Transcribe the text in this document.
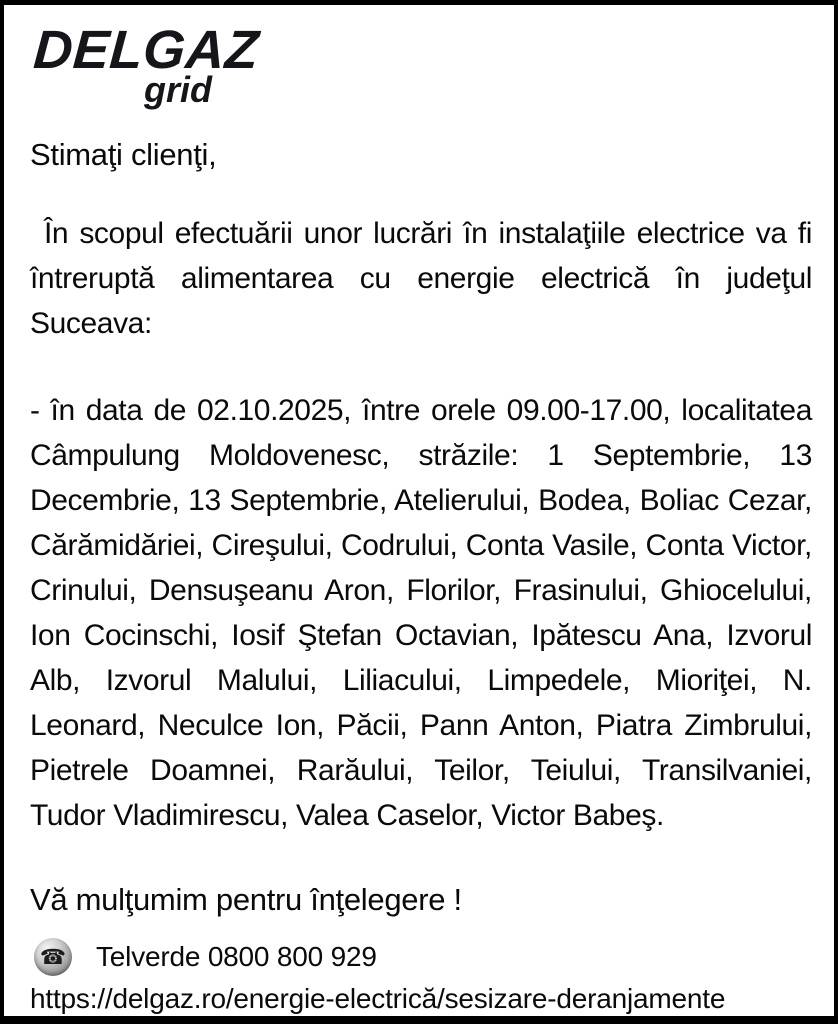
DELGAZ
grid

Stimaţi clienţi,

În scopul efectuării unor lucrări în instalaţiile electrice va fi întreruptă alimentarea cu energie electrică în judeţul Suceava:

- în data de 02.10.2025, între orele 09.00-17.00, localitatea Câmpulung Moldovenesc, străzile: 1 Septembrie, 13 Decembrie, 13 Septembrie, Atelierului, Bodea, Boliac Cezar, Cărămidăriei, Cireşului, Codrului, Conta Vasile, Conta Victor, Crinului, Densuşeanu Aron, Florilor, Frasinului, Ghiocelului, Ion Cocinschi, Iosif Ştefan Octavian, Ipătescu Ana, Izvorul Alb, Izvorul Malului, Liliacului, Limpedele, Mioriţei, N. Leonard, Neculce Ion, Păcii, Pann Anton, Piatra Zimbrului, Pietrele Doamnei, Rarăului, Teilor, Teiului, Transilvaniei, Tudor Vladimirescu, Valea Caselor, Victor Babeş.

Vă mulţumim pentru înţelegere !

☎ Telverde 0800 800 929
https://delgaz.ro/energie-electrică/sesizare-deranjamente
